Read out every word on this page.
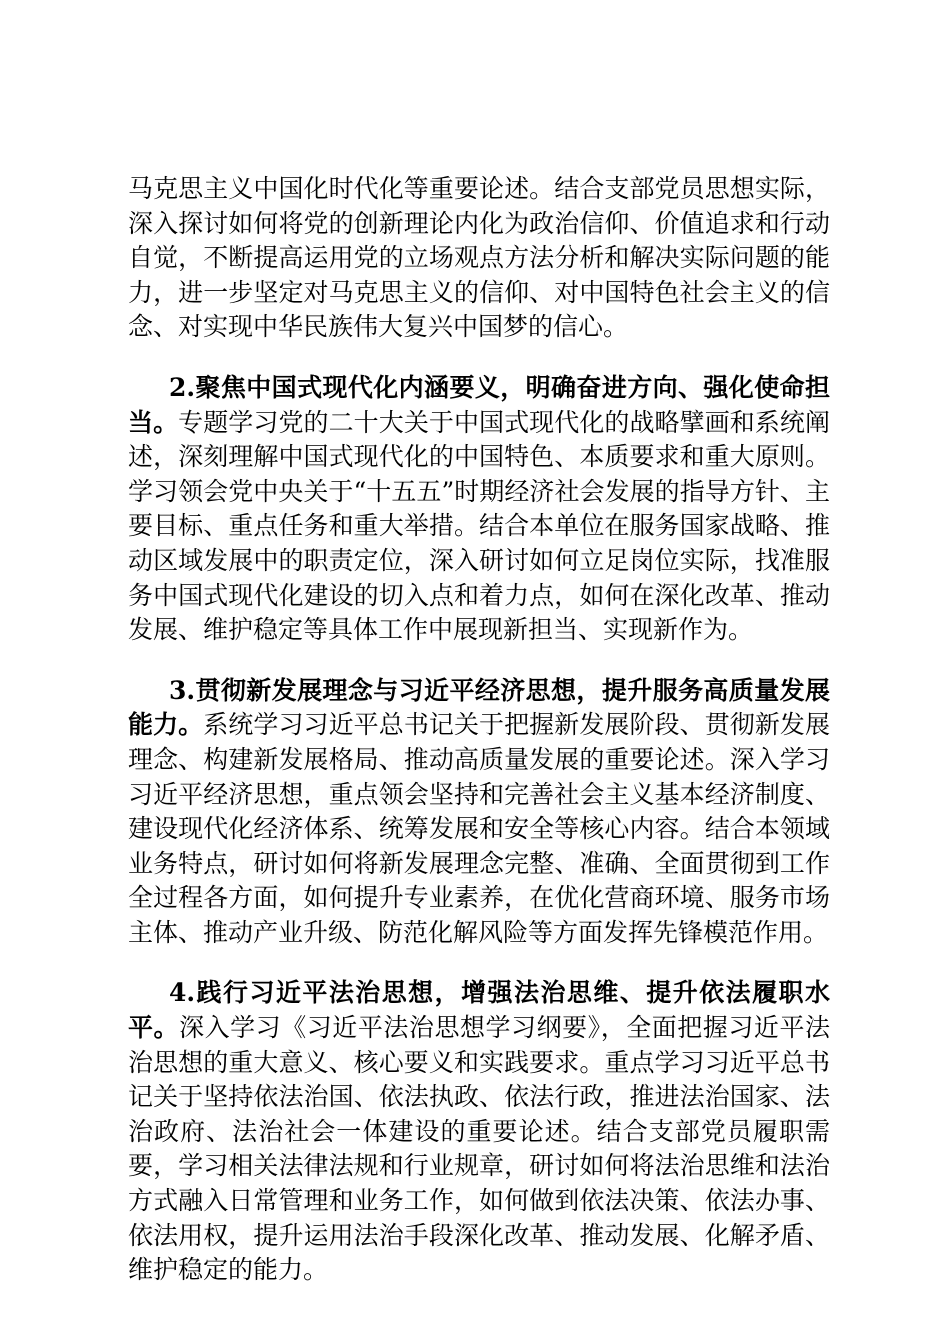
马克思主义中国化时代化等重要论述。结合支部党员思想实际，深入探讨如何将党的创新理论内化为政治信仰、价值追求和行动自觉，不断提高运用党的立场观点方法分析和解决实际问题的能力，进一步坚定对马克思主义的信仰、对中国特色社会主义的信念、对实现中华民族伟大复兴中国梦的信心。

2.聚焦中国式现代化内涵要义，明确奋进方向、强化使命担当。专题学习党的二十大关于中国式现代化的战略擘画和系统阐述，深刻理解中国式现代化的中国特色、本质要求和重大原则。学习领会党中央关于“十五五”时期经济社会发展的指导方针、主要目标、重点任务和重大举措。结合本单位在服务国家战略、推动区域发展中的职责定位，深入研讨如何立足岗位实际，找准服务中国式现代化建设的切入点和着力点，如何在深化改革、推动发展、维护稳定等具体工作中展现新担当、实现新作为。

3.贯彻新发展理念与习近平经济思想，提升服务高质量发展能力。系统学习习近平总书记关于把握新发展阶段、贯彻新发展理念、构建新发展格局、推动高质量发展的重要论述。深入学习习近平经济思想，重点领会坚持和完善社会主义基本经济制度、建设现代化经济体系、统筹发展和安全等核心内容。结合本领域业务特点，研讨如何将新发展理念完整、准确、全面贯彻到工作全过程各方面，如何提升专业素养，在优化营商环境、服务市场主体、推动产业升级、防范化解风险等方面发挥先锋模范作用。

4.践行习近平法治思想，增强法治思维、提升依法履职水平。深入学习《习近平法治思想学习纲要》，全面把握习近平法治思想的重大意义、核心要义和实践要求。重点学习习近平总书记关于坚持依法治国、依法执政、依法行政，推进法治国家、法治政府、法治社会一体建设的重要论述。结合支部党员履职需要，学习相关法律法规和行业规章，研讨如何将法治思维和法治方式融入日常管理和业务工作，如何做到依法决策、依法办事、依法用权，提升运用法治手段深化改革、推动发展、化解矛盾、维护稳定的能力。
